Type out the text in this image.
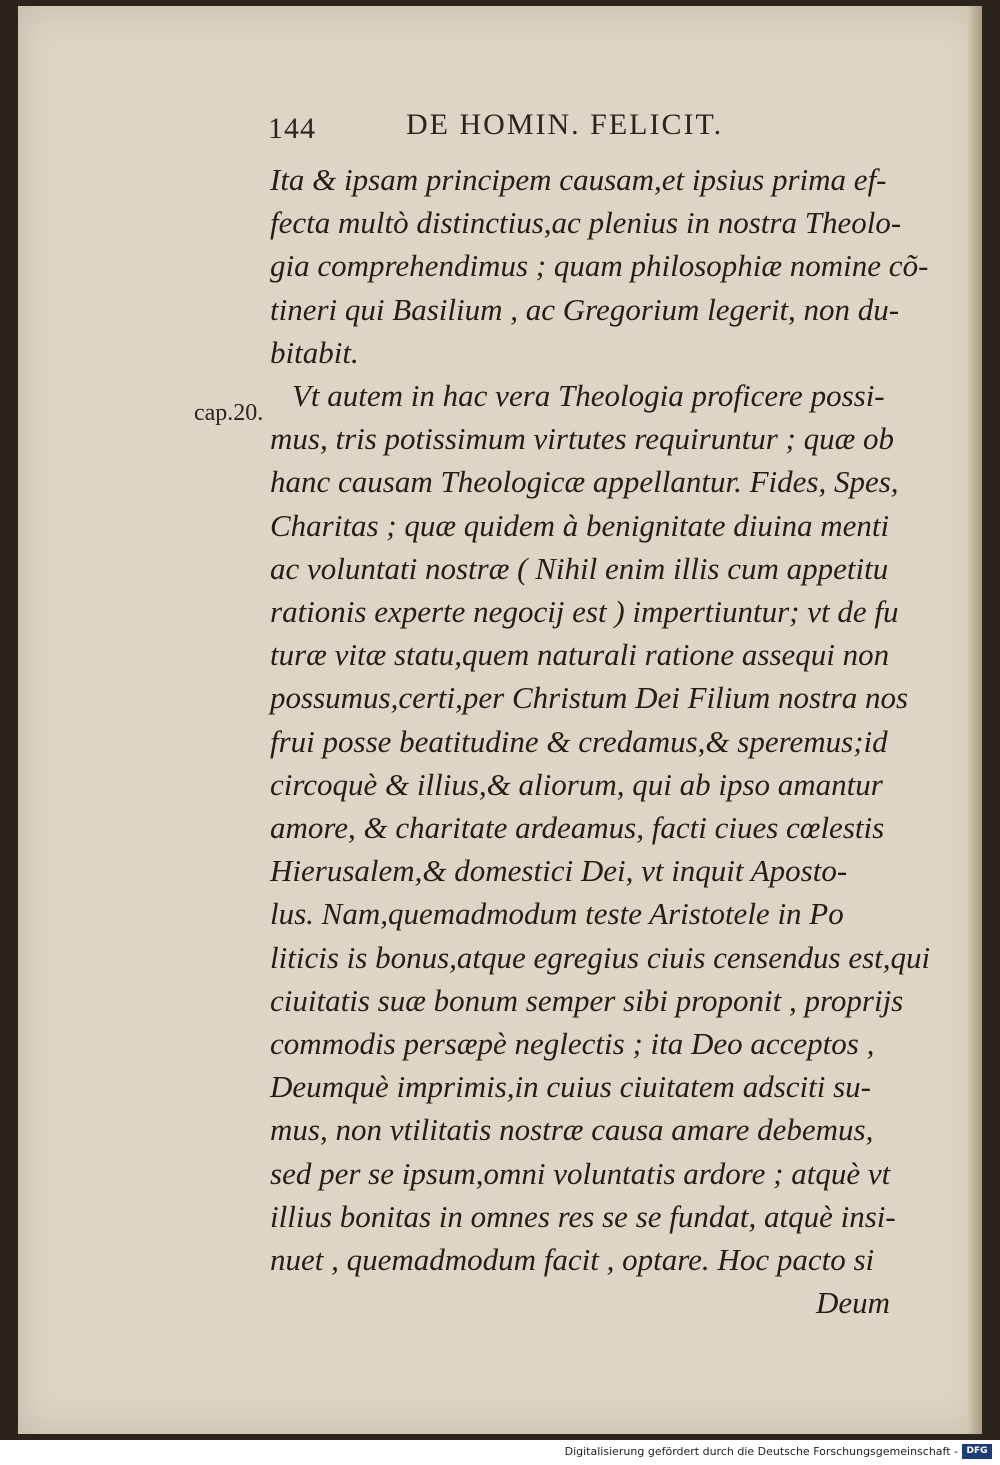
144	DE HOMIN. FELICIT.
cap.20.
Ita & ipsam principem causam,et ipsius prima ef-
fecta multò distinctius,ac plenius in nostra Theolo-
gia comprehendimus ; quam philosophiæ nomine cõ-
tineri qui Basilium , ac Gregorium legerit, non du-
bitabit.
Vt autem in hac vera Theologia proficere possi-
mus, tris potissimum virtutes requiruntur ; quæ ob
hanc causam Theologicæ appellantur. Fides, Spes,
Charitas ; quæ quidem à benignitate diuina menti
ac voluntati nostræ ( Nihil enim illis cum appetitu
rationis experte negocij est ) impertiuntur; vt de fu
turæ vitæ statu,quem naturali ratione assequi non
possumus,certi,per Christum Dei Filium nostra nos
frui posse beatitudine & credamus,& speremus;id
circoquè & illius,& aliorum, qui ab ipso amantur
amore, & charitate ardeamus, facti ciues cœlestis
Hierusalem,& domestici Dei, vt inquit Aposto-
lus. Nam,quemadmodum teste Aristotele in Po
liticis is bonus,atque egregius ciuis censendus est,qui
ciuitatis suæ bonum semper sibi proponit , proprijs
commodis persæpè neglectis ; ita Deo acceptos ,
Deumquè imprimis,in cuius ciuitatem adsciti su-
mus, non vtilitatis nostræ causa amare debemus,
sed per se ipsum,omni voluntatis ardore ; atquè vt
illius bonitas in omnes res se se fundat, atquè insi-
nuet , quemadmodum facit , optare. Hoc pacto si
Deum
Digitalisierung gefördert durch die Deutsche Forschungsgemeinschaft - DFG
